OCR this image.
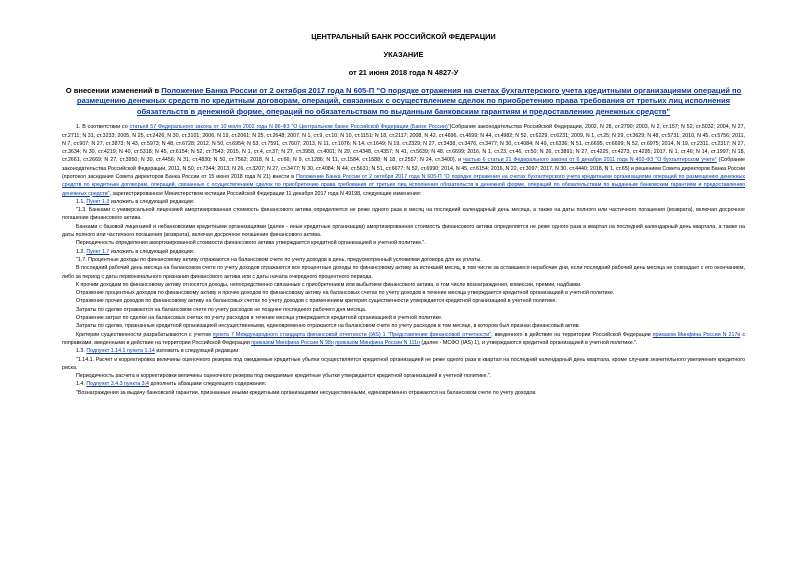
ЦЕНТРАЛЬНЫЙ БАНК РОССИЙСКОЙ ФЕДЕРАЦИИ
УКАЗАНИЕ
от 21 июня 2018 года N 4827-У
О внесении изменений в Положение Банка России от 2 октября 2017 года N 605-П "О порядке отражения на счетах бухгалтерского учета кредитными организациями операций по размещению денежных средств по кредитным договорам, операций, связанных с осуществлением сделок по приобретению права требования от третьих лиц исполнения обязательств в денежной форме, операций по обязательствам по выданным банковским гарантиям и предоставлению денежных средств"

1. В соответствии со статьей 57 Федерального закона от 10 июля 2002 года N 86-ФЗ "О Центральном банке Российской Федерации (Банке России)"(Собрание законодательства Российской Федерации, 2002, N 28, ст.2790; 2003, N 2, ст.157; N 52, ст.5032; 2004, N 27, ст.2711; N 31, ст.3233; 2005, N 25, ст.2426; N 30, ст.3101; 2006, N 19, ст.2061; N 25, ст.2648; 2007, N 1, ст.9, ст.10; N 10, ст.1151; N 18, ст.2117; 2008, N 42, ст.4696, ст.4699; N 44, ст.4982; N 52, ст.6229, ст.6231; 2009, N 1, ст.25; N 29, ст.3629; N 48, ст.5731; 2010, N 45, ст.5756; 2011, N 7, ст.907; N 27, ст.3873; N 43, ст.5973; N 48, ст.6728; 2012, N 50, ст.6954; N 53, ст.7591, ст.7607; 2013, N 11, ст.1076; N 14, ст.1649; N 19, ст.2329; N 27, ст.3438, ст.3476, ст.3477; N 30, ст.4084; N 49, ст.6336; N 51, ст.6695, ст.6699; N 52, ст.6975; 2014, N 19, ст.2311, ст.2317; N 27, ст.3634; N 30, ст.4219; N 40, ст.5318; N 45, ст.6154; N 52, ст.7543; 2015, N 1, ст.4, ст.37; N 27, ст.3958, ст.4001; N 29, ст.4348, ст.4357; N 41, ст.5639; N 48, ст.6699; 2016, N 1, ст.23, ст.46, ст.50; N 26, ст.3891; N 27, ст.4225, ст.4273, ст.4295; 2017, N 1, ст.46; N 14, ст.1997; N 18, ст.2661, ст.2669; N 27, ст.3950; N 30, ст.4456; N 31, ст.4830; N 50, ст.7562; 2018, N 1, ст.66; N 9, ст.1286; N 11, ст.1584, ст.1588; N 18, ст.2557; N 24, ст.3400), и частью 6 статьи 21 Федерального закона от 6 декабря 2011 года N 402-ФЗ "О бухгалтерском учете" (Собрание законодательства Российской Федерации, 2011, N 50, ст.7344; 2013, N 26, ст.3207; N 27, ст.3477; N 30, ст.4084; N 44, ст.5631; N 51, ст.6677; N 52, ст.6990; 2014, N 45, ст.6154; 2016, N 22, ст.3097; 2017, N 30, ст.4440; 2018, N 1, ст.65) и решением Совета директоров Банка России (протокол заседания Совета директоров Банка России от 15 июня 2018 года N 21) внести в Положение Банка России от 2 октября 2017 года N 605-П "О порядке отражения на счетах бухгалтерского учета кредитными организациями операций по размещению денежных средств по кредитным договорам, операций, связанных с осуществлением сделок по приобретению права требования от третьих лиц исполнения обязательств в денежной форме, операций по обязательствам по выданным банковским гарантиям и предоставлению денежных средств", зарегистрированное Министерством юстиции Российской Федерации 11 декабря 2017 года N 49198, следующие изменения:

1.1. Пункт 1.3 изложить в следующей редакции:

"1.3. Банками с универсальной лицензией амортизированная стоимость финансового актива определяется не реже одного раза в месяц на последний календарный день месяца, а также на даты полного или частичного погашения (возврата), включая досрочное погашение финансового актива.

Банками с базовой лицензией и небанковскими кредитными организациями (далее - иные кредитные организации) амортизированная стоимость финансового актива определяется не реже одного раза в квартал на последний календарный день квартала, а также на даты полного или частичного погашения (возврата), включая досрочное погашение финансового актива.

Периодичность определения амортизированной стоимости финансового актива утверждается кредитной организацией в учетной политике.".

1.2. Пункт 1.7 изложить в следующей редакции:

"1.7. Процентные доходы по финансовому активу отражаются на балансовом счете по учету доходов в день, предусмотренный условиями договора для их уплаты.

В последний рабочий день месяца на балансовом счете по учету доходов отражаются все процентные доходы по финансовому активу за истекший месяц, в том числе за оставшиеся нерабочие дни, если последний рабочий день месяца не совпадает с его окончанием, либо за период с даты первоначального признания финансового актива или с даты начала очередного процентного периода.

К прочим доходам по финансовому активу относятся доходы, непосредственно связанные с приобретением или выбытием финансового актива, в том числе вознаграждения, комиссии, премии, надбавки.

Отражение процентных доходов по финансовому активу и прочих доходов по финансовому активу на балансовых счетах по учету доходов в течение месяца утверждается кредитной организацией в учетной политике.

Отражение прочих доходов по финансовому активу на балансовых счетах по учету доходов с применением критерия существенности утверждается кредитной организацией в учетной политике.

Затраты по сделке отражаются на балансовом счете по учету расходов не позднее последнего рабочего дня месяца.

Отражение затрат по сделке на балансовых счетах по учету расходов в течение месяца утверждается кредитной организацией в учетной политике.

Затраты по сделке, признанные кредитной организацией несущественными, единовременно отражаются на балансовом счете по учету расходов в том месяце, в котором был признан финансовый актив.

Критерии существенности разрабатываются с учетом пункта 7 Международного стандарта финансовой отчетности (IAS) 1 "Представление финансовой отчетности", введенного в действие на территории Российской Федерации приказом Минфина России N 217н с поправками, введенными в действие на территории Российской Федерации приказом Минфина России N 98н приказом Минфина России N 111н (далее - МСФО (IAS) 1), и утверждаются кредитной организацией в учетной политике.".

1.3. Подпункт 1.14.1 пункта 1.14 изложить в следующей редакции:

"1.14.1. Расчет и корректировка величины оценочного резерва под ожидаемые кредитные убытки осуществляется кредитной организацией не реже одного раза в квартал на последний календарный день квартала, кроме случаев значительного увеличения кредитного риска.

Периодичность расчета и корректировки величины оценочного резерва под ожидаемые кредитные убытки утверждается кредитной организацией в учетной политике.".

1.4. Подпункт 3.4.3 пункта 3.4 дополнить абзацами следующего содержания:

"Вознаграждения за выдачу банковской гарантии, признанные иными кредитными организациями несущественными, единовременно отражаются на балансовом счете по учету доходов.
